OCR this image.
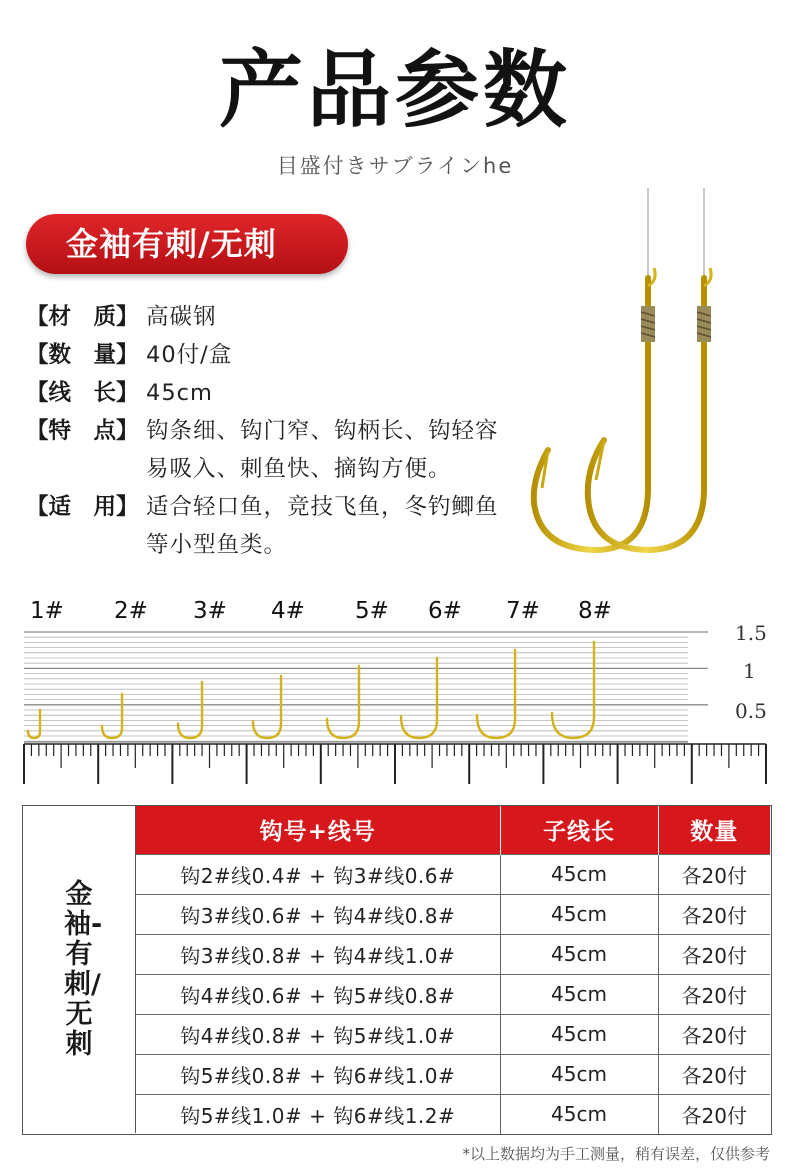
产品参数
目盛付きサブラインhe
金袖有刺/无刺
【材　质】 高碳钢
【数　量】 40付/盒
【线　长】 45cm
【特　点】 钩条细、钩门窄、钩柄长、钩轻容易吸入、刺鱼快、摘钩方便。
【适　用】 适合轻口鱼，竞技飞鱼，冬钓鲫鱼等小型鱼类。
1# 2# 3# 4# 5# 6# 7# 8#
1.5
1
0.5
金袖-有刺/无刺
钩号+线号	子线长	数量
钩2#线0.4# + 钩3#线0.6#	45cm	各20付
钩3#线0.6# + 钩4#线0.8#	45cm	各20付
钩3#线0.8# + 钩4#线1.0#	45cm	各20付
钩4#线0.6# + 钩5#线0.8#	45cm	各20付
钩4#线0.8# + 钩5#线1.0#	45cm	各20付
钩5#线0.8# + 钩6#线1.0#	45cm	各20付
钩5#线1.0# + 钩6#线1.2#	45cm	各20付
*以上数据均为手工测量，稍有误差，仅供参考
